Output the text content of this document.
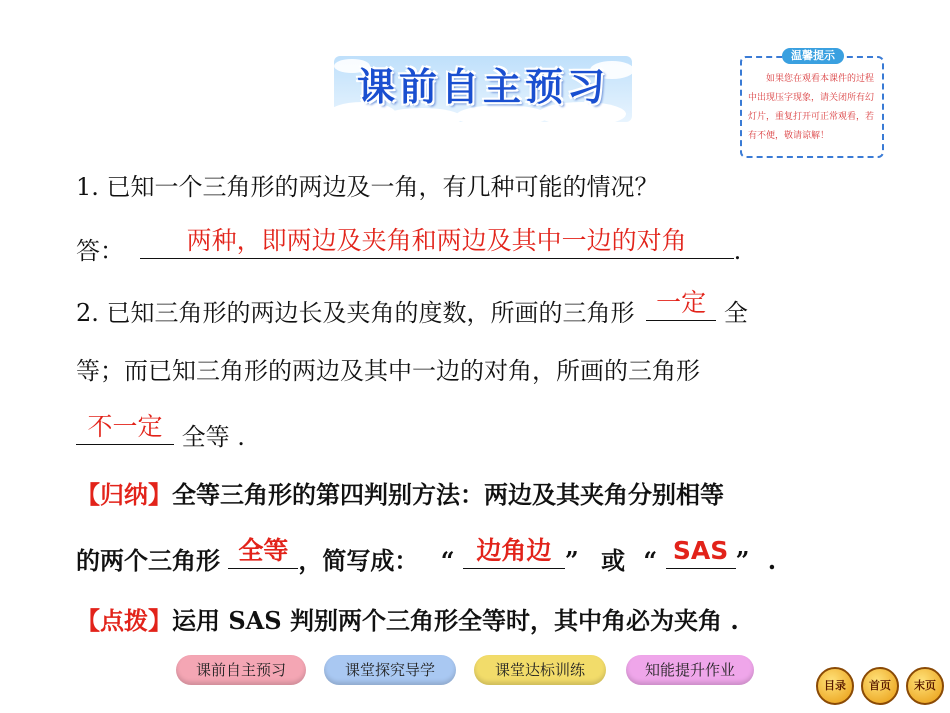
课前自主预习
温馨提示
如果您在观看本课件的过程中出现压字现象，请关闭所有幻灯片，重复打开可正常观看，若有不便，敬请谅解！
1. 已知一个三角形的两边及一角，有几种可能的情况？
答：	两种，即两边及夹角和两边及其中一边的对角	.
2. 已知三角形的两边长及夹角的度数，所画的三角形 一定 全
等；而已知三角形的两边及其中一边的对角，所画的三角形
不一定 全等 .
【归纳】全等三角形的第四判别方法：两边及其夹角分别相等
的两个三角形 全等 ，简写成： “ 边角边 ” 或 “ SAS ” .
【点拨】运用 SAS 判别两个三角形全等时，其中角必为夹角 .
课前自主预习	课堂探究导学	课堂达标训练	知能提升作业
目录	首页	末页
